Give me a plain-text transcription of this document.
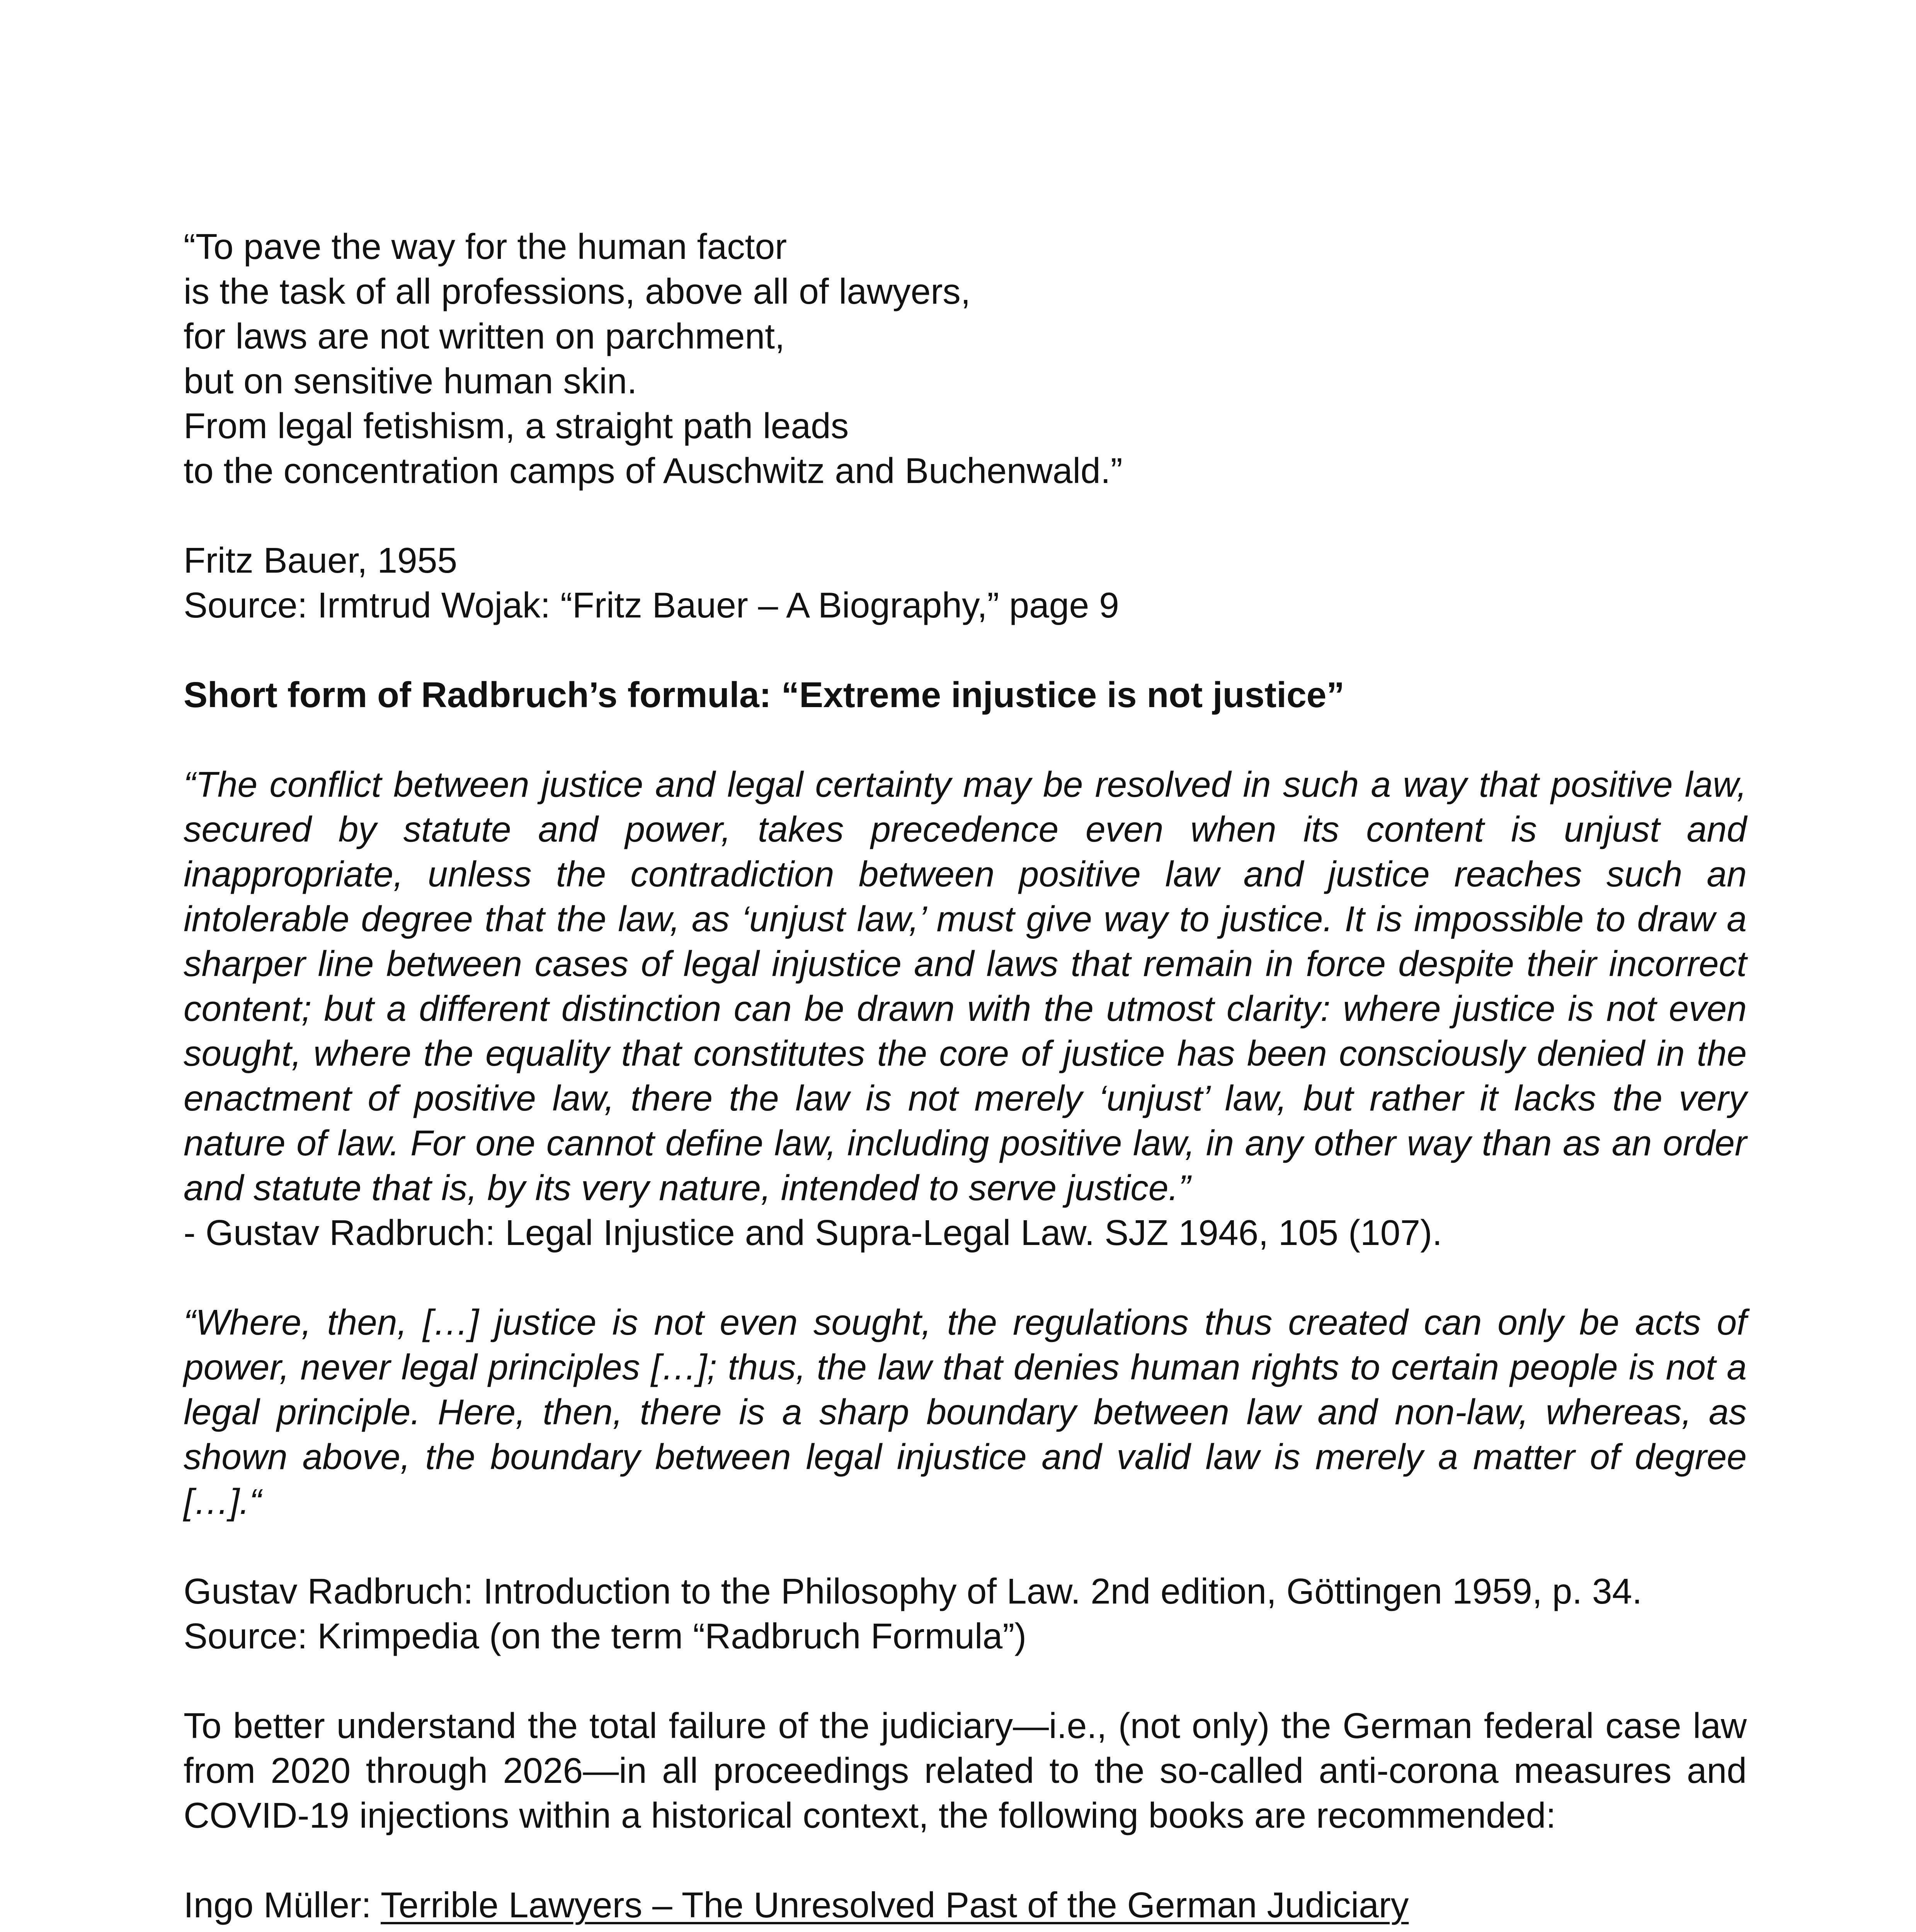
“To pave the way for the human factor
is the task of all professions, above all of lawyers,
for laws are not written on parchment,
but on sensitive human skin.
From legal fetishism, a straight path leads
to the concentration camps of Auschwitz and Buchenwald.”
Fritz Bauer, 1955
Source: Irmtrud Wojak: “Fritz Bauer – A Biography,” page 9
Short form of Radbruch’s formula: “Extreme injustice is not justice”
“The conflict between justice and legal certainty may be resolved in such a way that positive law, secured by statute and power, takes precedence even when its content is unjust and inappropriate, unless the contradiction between positive law and justice reaches such an intolerable degree that the law, as ‘unjust law,’ must give way to justice. It is impossible to draw a sharper line between cases of legal injustice and laws that remain in force despite their incorrect content; but a different distinction can be drawn with the utmost clarity: where justice is not even sought, where the equality that constitutes the core of justice has been consciously denied in the enactment of positive law, there the law is not merely ‘unjust’ law, but rather it lacks the very nature of law. For one cannot define law, including positive law, in any other way than as an order and statute that is, by its very nature, intended to serve justice.”
- Gustav Radbruch: Legal Injustice and Supra-Legal Law. SJZ 1946, 105 (107).
“Where, then, […] justice is not even sought, the regulations thus created can only be acts of power, never legal principles […]; thus, the law that denies human rights to certain people is not a legal principle. Here, then, there is a sharp boundary between law and non-law, whereas, as shown above, the boundary between legal injustice and valid law is merely a matter of degree […].“
Gustav Radbruch: Introduction to the Philosophy of Law. 2nd edition, Göttingen 1959, p. 34.
Source: Krimpedia (on the term “Radbruch Formula”)
To better understand the total failure of the judiciary—i.e., (not only) the German federal case law from 2020 through 2026—in all proceedings related to the so-called anti-corona measures and COVID-19 injections within a historical context, the following books are recommended:
Ingo Müller: Terrible Lawyers – The Unresolved Past of the German Judiciary
